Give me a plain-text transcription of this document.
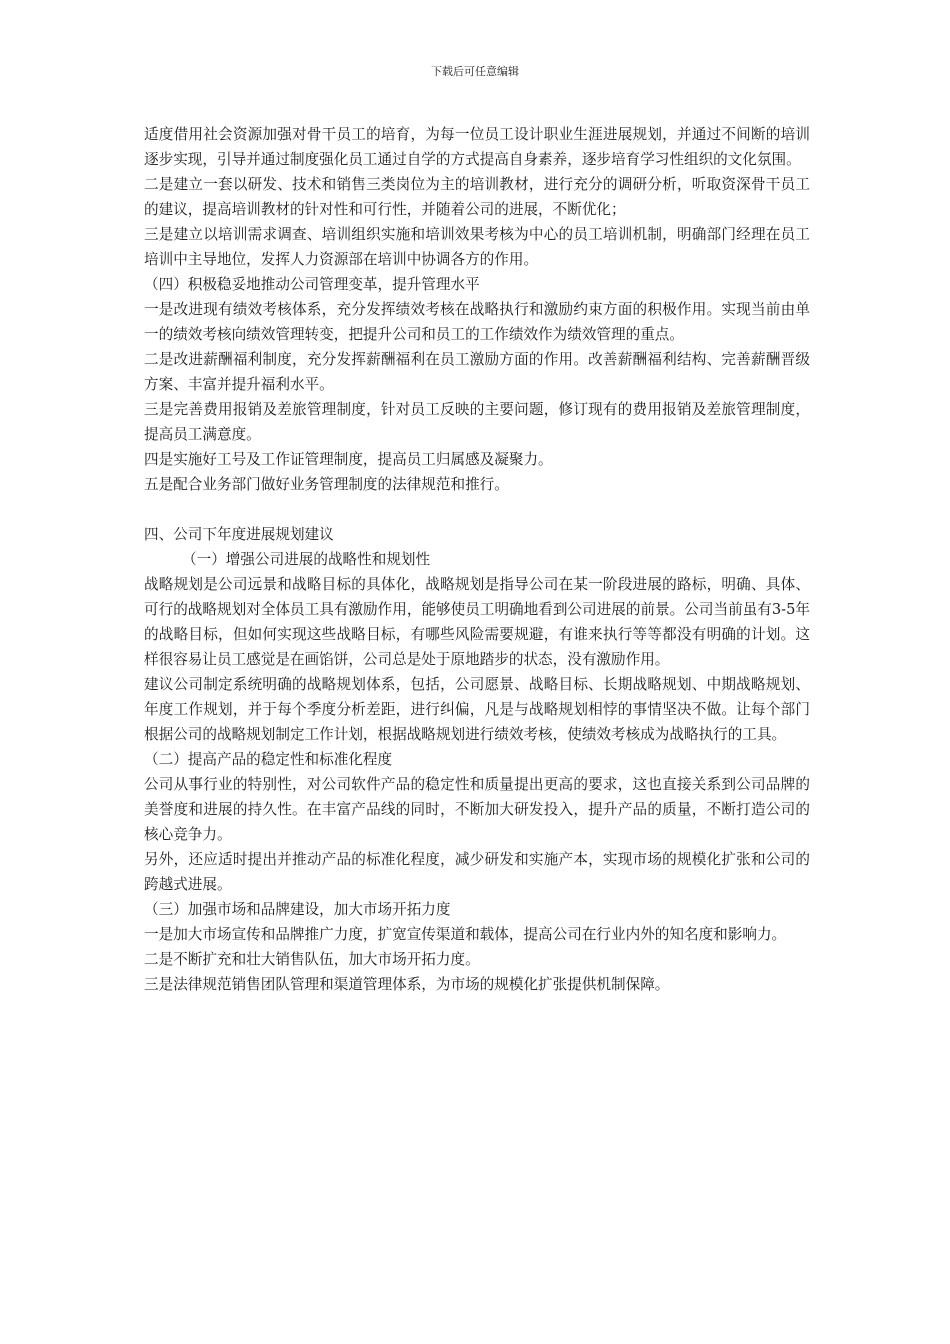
下载后可任意编辑

适度借用社会资源加强对骨干员工的培育，为每一位员工设计职业生涯进展规划，并通过不间断的培训逐步实现，引导并通过制度强化员工通过自学的方式提高自身素养，逐步培育学习性组织的文化氛围。

二是建立一套以研发、技术和销售三类岗位为主的培训教材，进行充分的调研分析，听取资深骨干员工的建议，提高培训教材的针对性和可行性，并随着公司的进展，不断优化；

三是建立以培训需求调查、培训组织实施和培训效果考核为中心的员工培训机制，明确部门经理在员工培训中主导地位，发挥人力资源部在培训中协调各方的作用。

（四）积极稳妥地推动公司管理变革，提升管理水平

一是改进现有绩效考核体系，充分发挥绩效考核在战略执行和激励约束方面的积极作用。实现当前由单一的绩效考核向绩效管理转变，把提升公司和员工的工作绩效作为绩效管理的重点。

二是改进薪酬福利制度，充分发挥薪酬福利在员工激励方面的作用。改善薪酬福利结构、完善薪酬晋级方案、丰富并提升福利水平。

三是完善费用报销及差旅管理制度，针对员工反映的主要问题，修订现有的费用报销及差旅管理制度，提高员工满意度。

四是实施好工号及工作证管理制度，提高员工归属感及凝聚力。

五是配合业务部门做好业务管理制度的法律规范和推行。

四、公司下年度进展规划建议

（一）增强公司进展的战略性和规划性

战略规划是公司远景和战略目标的具体化，战略规划是指导公司在某一阶段进展的路标，明确、具体、可行的战略规划对全体员工具有激励作用，能够使员工明确地看到公司进展的前景。公司当前虽有3-5年的战略目标，但如何实现这些战略目标，有哪些风险需要规避，有谁来执行等等都没有明确的计划。这样很容易让员工感觉是在画馅饼，公司总是处于原地踏步的状态，没有激励作用。

建议公司制定系统明确的战略规划体系，包括，公司愿景、战略目标、长期战略规划、中期战略规划、年度工作规划，并于每个季度分析差距，进行纠偏，凡是与战略规划相悖的事情坚决不做。让每个部门根据公司的战略规划制定工作计划，根据战略规划进行绩效考核，使绩效考核成为战略执行的工具。

（二）提高产品的稳定性和标准化程度

公司从事行业的特别性，对公司软件产品的稳定性和质量提出更高的要求，这也直接关系到公司品牌的美誉度和进展的持久性。在丰富产品线的同时，不断加大研发投入，提升产品的质量，不断打造公司的核心竞争力。

另外，还应适时提出并推动产品的标准化程度，减少研发和实施产本，实现市场的规模化扩张和公司的跨越式进展。

（三）加强市场和品牌建设，加大市场开拓力度

一是加大市场宣传和品牌推广力度，扩宽宣传渠道和载体，提高公司在行业内外的知名度和影响力。

二是不断扩充和壮大销售队伍，加大市场开拓力度。

三是法律规范销售团队管理和渠道管理体系，为市场的规模化扩张提供机制保障。
